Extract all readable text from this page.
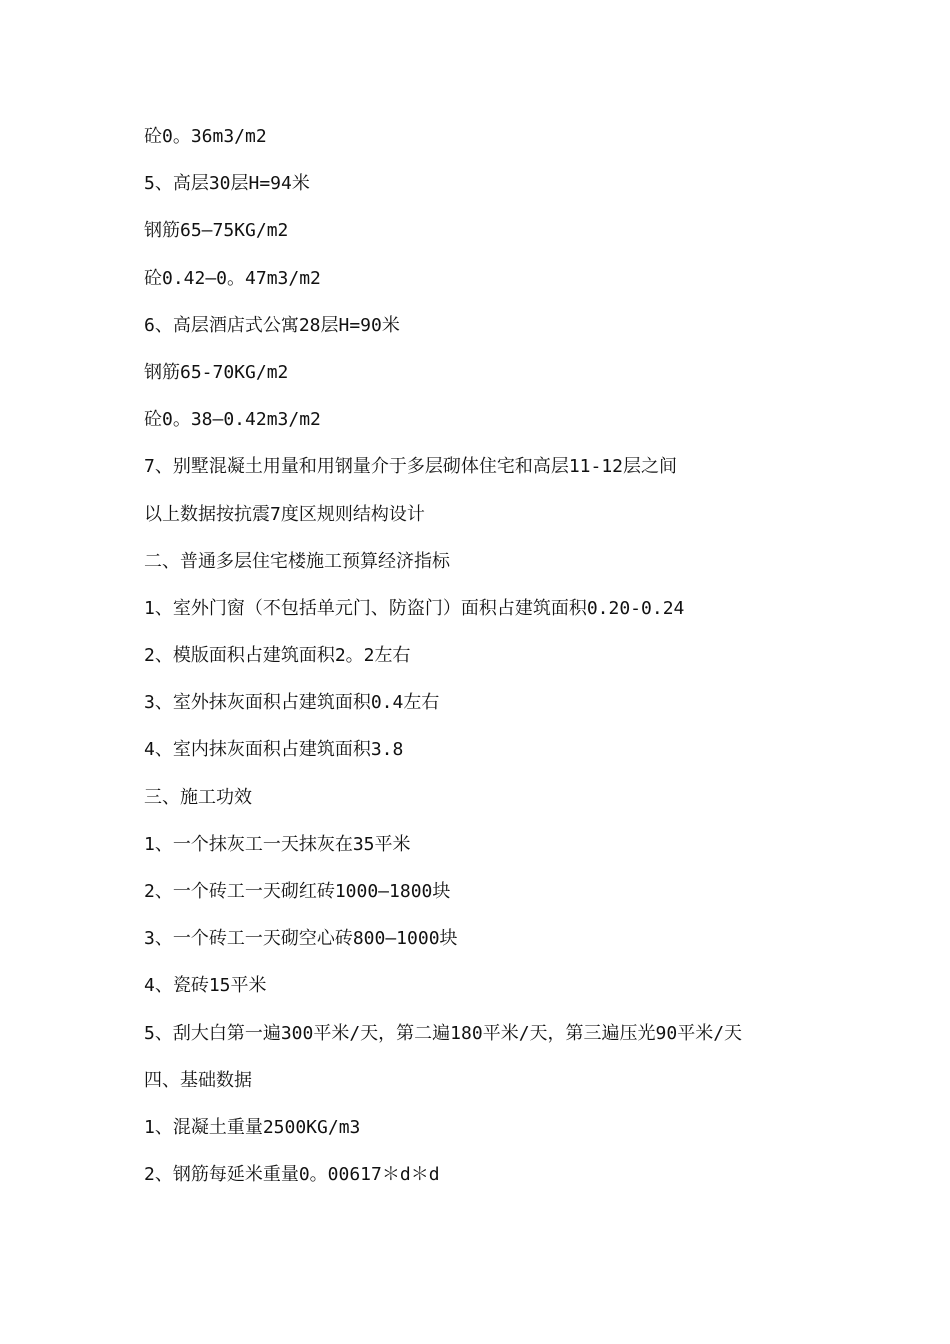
砼0。36m3/m2
5、高层30层H=94米
钢筋65—75KG/m2
砼0.42—0。47m3/m2
6、高层酒店式公寓28层H=90米
钢筋65-70KG/m2
砼0。38—0.42m3/m2
7、别墅混凝土用量和用钢量介于多层砌体住宅和高层11-12层之间
以上数据按抗震7度区规则结构设计
二、普通多层住宅楼施工预算经济指标
1、室外门窗（不包括单元门、防盗门）面积占建筑面积0.20-0.24
2、模版面积占建筑面积2。2左右
3、室外抹灰面积占建筑面积0.4左右
4、室内抹灰面积占建筑面积3.8
三、施工功效
1、一个抹灰工一天抹灰在35平米
2、一个砖工一天砌红砖1000—1800块
3、一个砖工一天砌空心砖800—1000块
4、瓷砖15平米
5、刮大白第一遍300平米/天，第二遍180平米/天，第三遍压光90平米/天
四、基础数据
1、混凝土重量2500KG/m3
2、钢筋每延米重量0。00617＊d＊d
